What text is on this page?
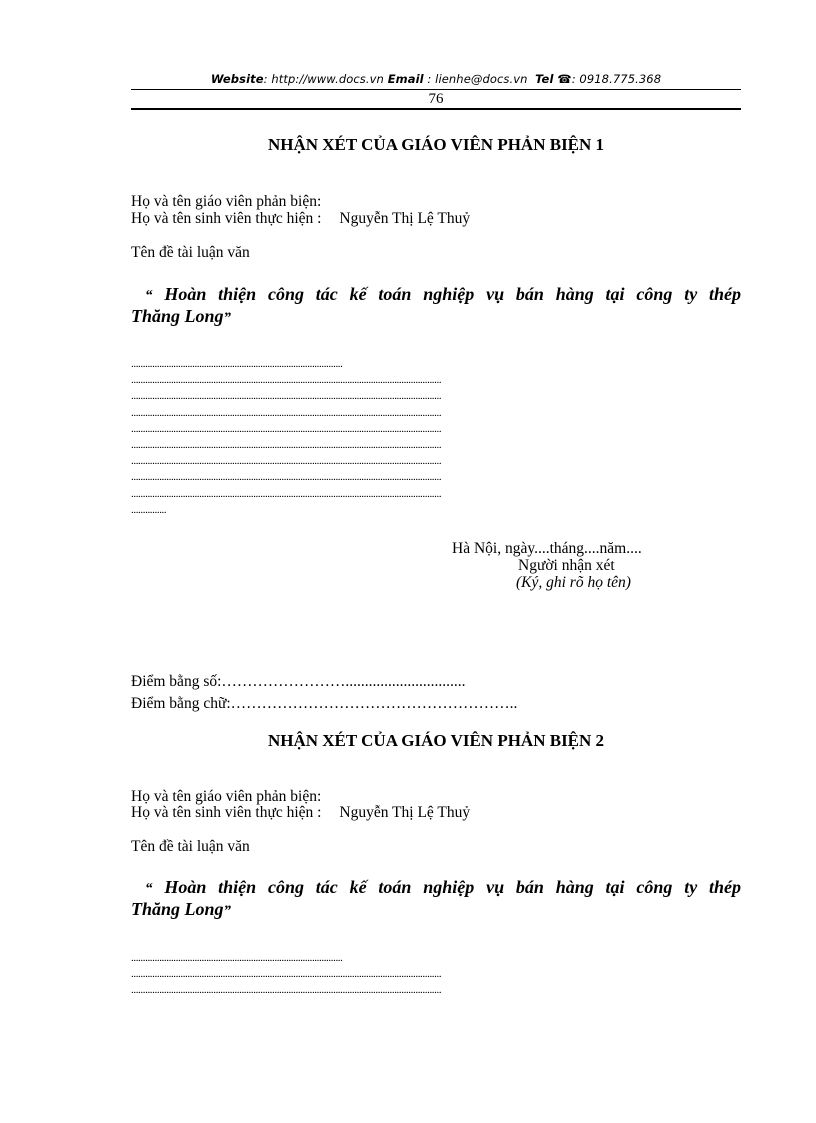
Website: http://www.docs.vn Email : lienhe@docs.vn Tel ☎: 0918.775.368
76
NHẬN XÉT CỦA GIÁO VIÊN PHẢN BIỆN 1
Họ và tên giáo viên phản biện:
Họ và tên sinh viên thực hiện : Nguyễn Thị Lệ Thuỷ
Tên đề tài luận văn
“ Hoàn thiện công tác kế toán nghiệp vụ bán hàng tại công ty thép
Thăng Long”
..........................................................................................
....................................................................................................................................
....................................................................................................................................
....................................................................................................................................
....................................................................................................................................
....................................................................................................................................
....................................................................................................................................
....................................................................................................................................
....................................................................................................................................
...............
Hà Nội, ngày....tháng....năm....
Người nhận xét
(Ký, ghi rõ họ tên)
Điểm bằng số:……………………...............................
Điểm bằng chữ:………………………………………………..
NHẬN XÉT CỦA GIÁO VIÊN PHẢN BIỆN 2
Họ và tên giáo viên phản biện:
Họ và tên sinh viên thực hiện : Nguyễn Thị Lệ Thuỷ
Tên đề tài luận văn
“ Hoàn thiện công tác kế toán nghiệp vụ bán hàng tại công ty thép
Thăng Long”
..........................................................................................
....................................................................................................................................
....................................................................................................................................
